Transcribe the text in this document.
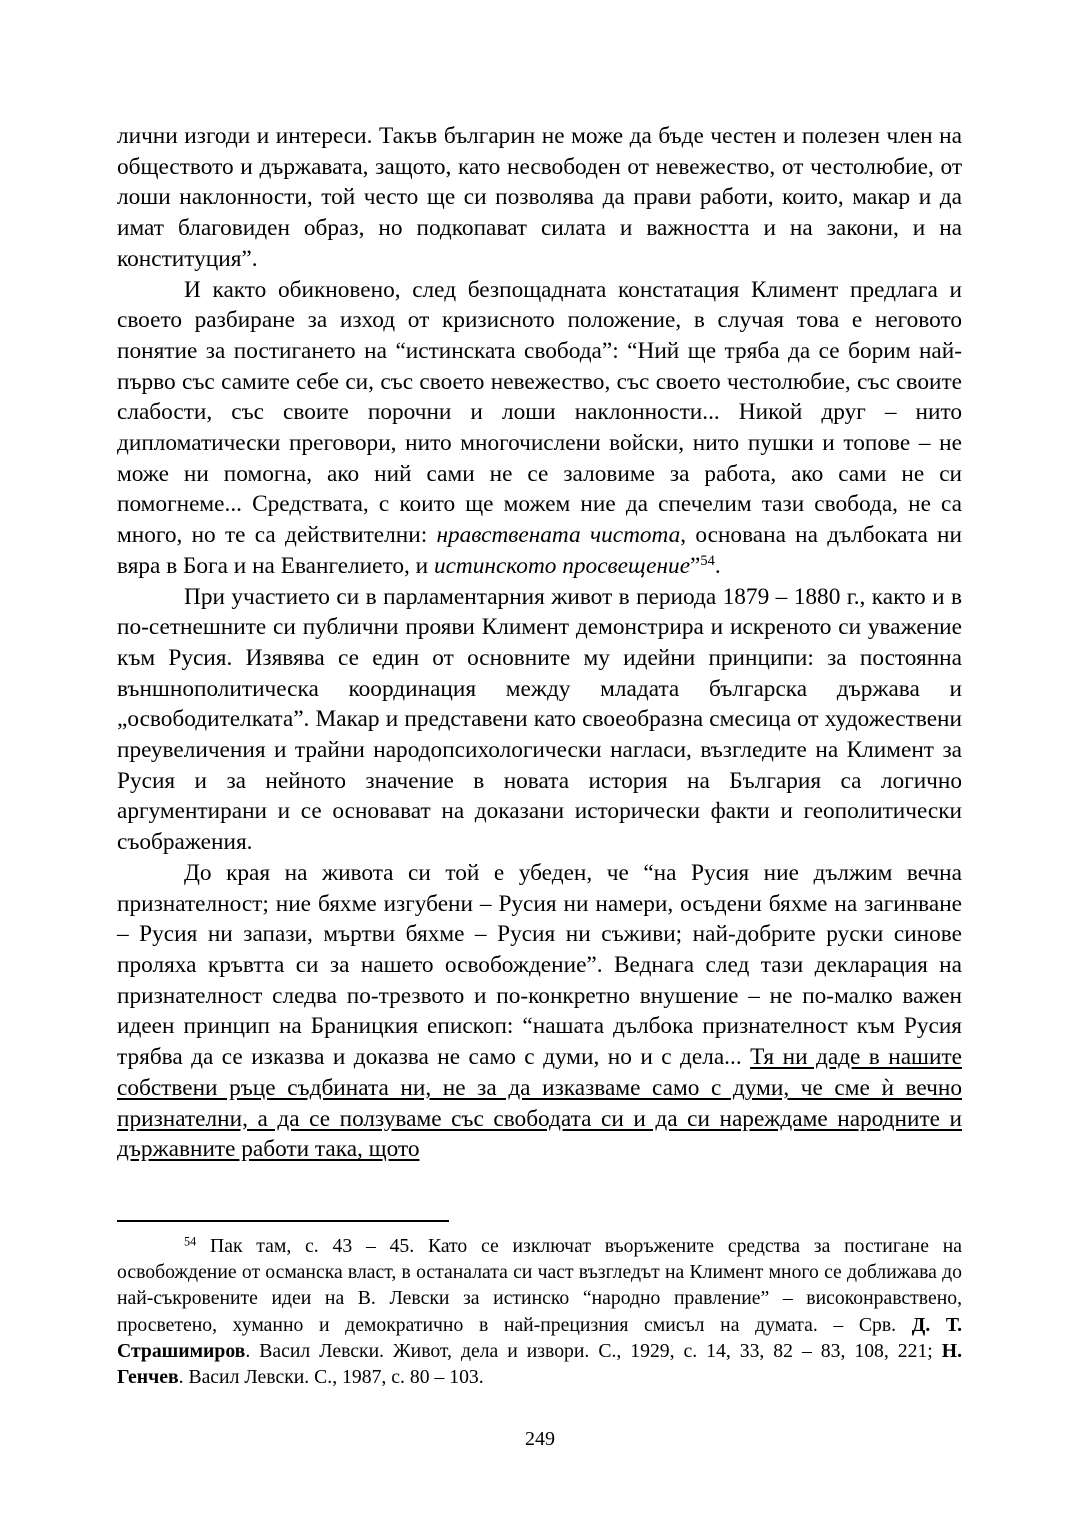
лични изгоди и интереси. Такъв българин не може да бъде честен и полезен член на обществото и държавата, защото, като несвободен от невежество, от честолюбие, от лоши наклонности, той често ще си позволява да прави работи, които, макар и да имат благовиден образ, но подкопават силата и важността и на закони, и на конституция”.

И както обикновено, след безпощадната констатация Климент предлага и своето разбиране за изход от кризисното положение, в случая това е неговото понятие за постигането на “истинската свобода”: “Ний ще тряба да се борим най-първо със самите себе си, със своето невежество, със своето честолюбие, със своите слабости, със своите порочни и лоши наклонности... Никой друг – нито дипломатически преговори, нито многочислени войски, нито пушки и топове – не може ни помогна, ако ний сами не се заловиме за работа, ако сами не си помогнеме... Средствата, с които ще можем ние да спечелим тази свобода, не са много, но те са действителни: нравствената чистота, основана на дълбоката ни вяра в Бога и на Евангелието, и истинското просвещение”$^{54}$.

При участието си в парламентарния живот в периода 1879 – 1880 г., както и в по-сетнешните си публични прояви Климент демонстрира и искреното си уважение към Русия. Изявява се един от основните му идейни принципи: за постоянна външнополитическа координация между младата българска държава и „освободителката”. Макар и представени като своеобразна смесица от художествени преувеличения и трайни народопсихологически нагласи, възгледите на Климент за Русия и за нейното значение в новата история на България са логично аргументирани и се основават на доказани исторически факти и геополитически съображения.

До края на живота си той е убеден, че “на Русия ние дължим вечна признателност; ние бяхме изгубени – Русия ни намери, осъдени бяхме на загинване – Русия ни запази, мъртви бяхме – Русия ни съживи; най-добрите руски синове проляха кръвтта си за нашето освобождение”. Веднага след тази декларация на признателност следва по-трезвото и по-конкретно внушение – не по-малко важен идеен принцип на Браницкия епископ: “нашата дълбока признателност към Русия трябва да се изказва и доказва не само с думи, но и с дела... Тя ни даде в нашите собствени ръце съдбината ни, не за да изказваме само с думи, че сме ѝ вечно признателни, а да се ползуваме със свободата си и да си нареждаме народните и държавните работи така, щото

$^{54}$ Пак там, с. 43 – 45. Като се изключат въоръжените средства за постигане на освобождение от османска власт, в останалата си част възгледът на Климент много се доближава до най-съкровените идеи на В. Левски за истинско “народно правление” – високонравствено, просветено, хуманно и демократично в най-прецизния смисъл на думата. – Срв. Д. Т. Страшимиров. Васил Левски. Живот, дела и извори. С., 1929, с. 14, 33, 82 – 83, 108, 221; Н. Генчев. Васил Левски. С., 1987, с. 80 – 103.

249
